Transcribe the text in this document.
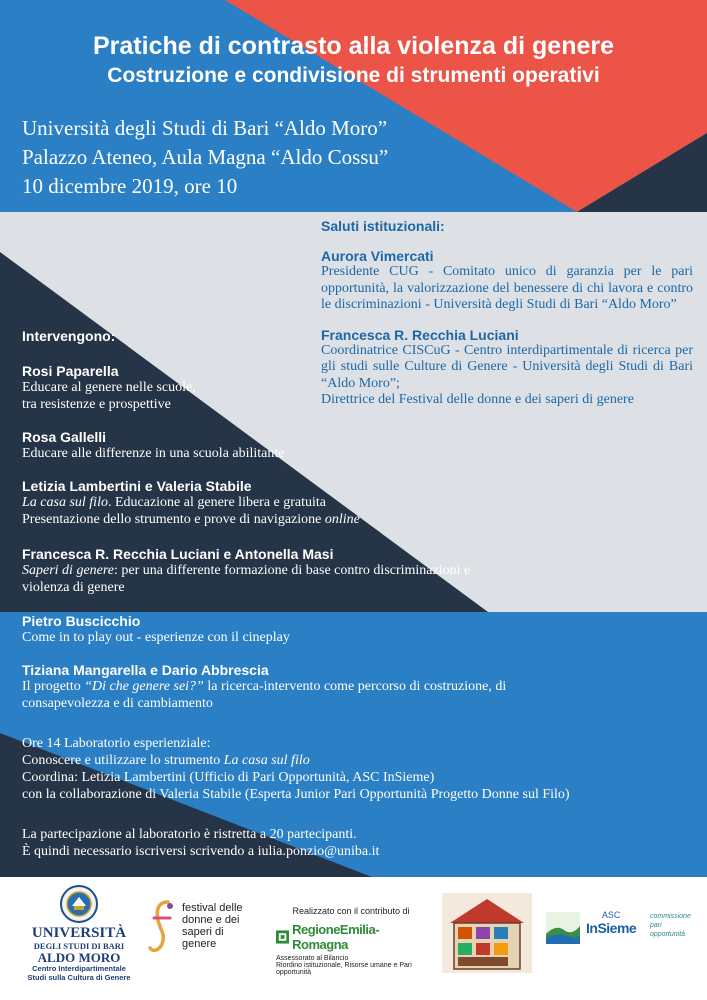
Pratiche di contrasto alla violenza di genere
Costruzione e condivisione di strumenti operativi
Università degli Studi di Bari “Aldo Moro”
Palazzo Ateneo, Aula Magna “Aldo Cossu”
10 dicembre 2019, ore 10
Saluti istituzionali:
Aurora Vimercati
Presidente CUG - Comitato unico di garanzia per le pari opportunità, la valorizzazione del benessere di chi lavora e contro le discriminazioni - Università degli Studi di Bari “Aldo Moro”
Francesca R. Recchia Luciani
Coordinatrice CISCuG - Centro interdipartimentale di ricerca per gli studi sulle Culture di Genere - Università degli Studi di Bari “Aldo Moro”;
Direttrice del Festival delle donne e dei saperi di genere
Intervengono:
Rosi Paparella
Educare al genere nelle scuole,
tra resistenze e prospettive
Rosa Gallelli
Educare alle differenze in una scuola abilitante
Letizia Lambertini e Valeria Stabile
La casa sul filo. Educazione al genere libera e gratuita
Presentazione dello strumento e prove di navigazione online
Francesca R. Recchia Luciani e Antonella Masi
Saperi di genere: per una differente formazione di base contro discriminazioni e
violenza di genere
Pietro Buscicchio
Come in to play out - esperienze con il cineplay
Tiziana Mangarella e Dario Abbrescia
Il progetto “Di che genere sei?” la ricerca-intervento come percorso di costruzione, di
consapevolezza e di cambiamento
Ore 14 Laboratorio esperienziale:
Conoscere e utilizzare lo strumento La casa sul filo
Coordina: Letizia Lambertini (Ufficio di Pari Opportunità, ASC InSieme)
con la collaborazione di Valeria Stabile (Esperta Junior Pari Opportunità Progetto Donne sul Filo)
La partecipazione al laboratorio è ristretta a 20 partecipanti.
È quindi necessario iscriversi scrivendo a iulia.ponzio@uniba.it
UNIVERSITÀ
DEGLI STUDI DI BARI
ALDO MORO
Centro Interdipartimentale
Studi sulla Cultura di Genere
festival delle
donne e dei
saperi di
genere
Realizzato con il contributo di
RegioneEmilia-Romagna
Assessorato al Bilancio
Riordino istituzionale, Risorse umane e Pari opportunità
ASC
InSieme
commissione
pari
opportunità
